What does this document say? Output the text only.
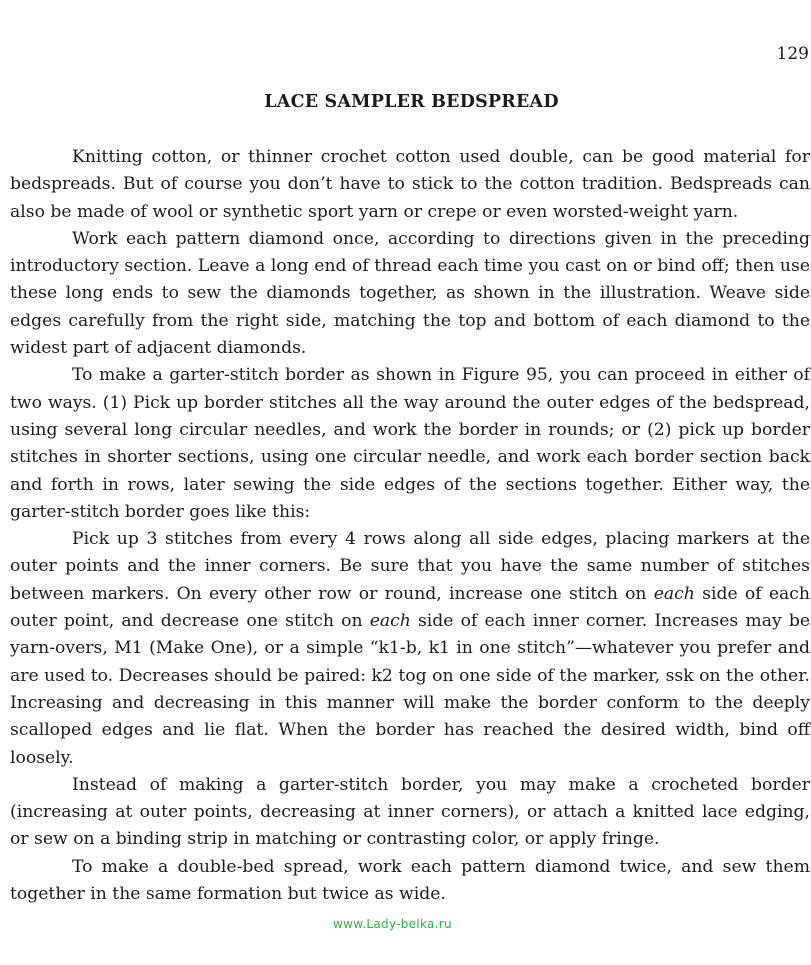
129
LACE SAMPLER BEDSPREAD

Knitting cotton, or thinner crochet cotton used double, can be good material for bedspreads. But of course you don’t have to stick to the cotton tradition. Bedspreads can also be made of wool or synthetic sport yarn or crepe or even worsted-weight yarn.

Work each pattern diamond once, according to directions given in the preceding introductory section. Leave a long end of thread each time you cast on or bind off; then use these long ends to sew the diamonds together, as shown in the illustration. Weave side edges carefully from the right side, matching the top and bottom of each diamond to the widest part of adjacent diamonds.

To make a garter-stitch border as shown in Figure 95, you can proceed in either of two ways. (1) Pick up border stitches all the way around the outer edges of the bedspread, using several long circular needles, and work the border in rounds; or (2) pick up border stitches in shorter sections, using one circular needle, and work each border section back and forth in rows, later sewing the side edges of the sections together. Either way, the garter-stitch border goes like this:

Pick up 3 stitches from every 4 rows along all side edges, placing markers at the outer points and the inner corners. Be sure that you have the same number of stitches between markers. On every other row or round, increase one stitch on each side of each outer point, and decrease one stitch on each side of each inner corner. Increases may be yarn-overs, M1 (Make One), or a simple “k1-b, k1 in one stitch”—whatever you prefer and are used to. Decreases should be paired: k2 tog on one side of the marker, ssk on the other. Increasing and decreasing in this manner will make the border conform to the deeply scalloped edges and lie flat. When the border has reached the desired width, bind off loosely.

Instead of making a garter-stitch border, you may make a crocheted border (increasing at outer points, decreasing at inner corners), or attach a knitted lace edging, or sew on a binding strip in matching or contrasting color, or apply fringe.

To make a double-bed spread, work each pattern diamond twice, and sew them together in the same formation but twice as wide.

www.Lady-belka.ru
